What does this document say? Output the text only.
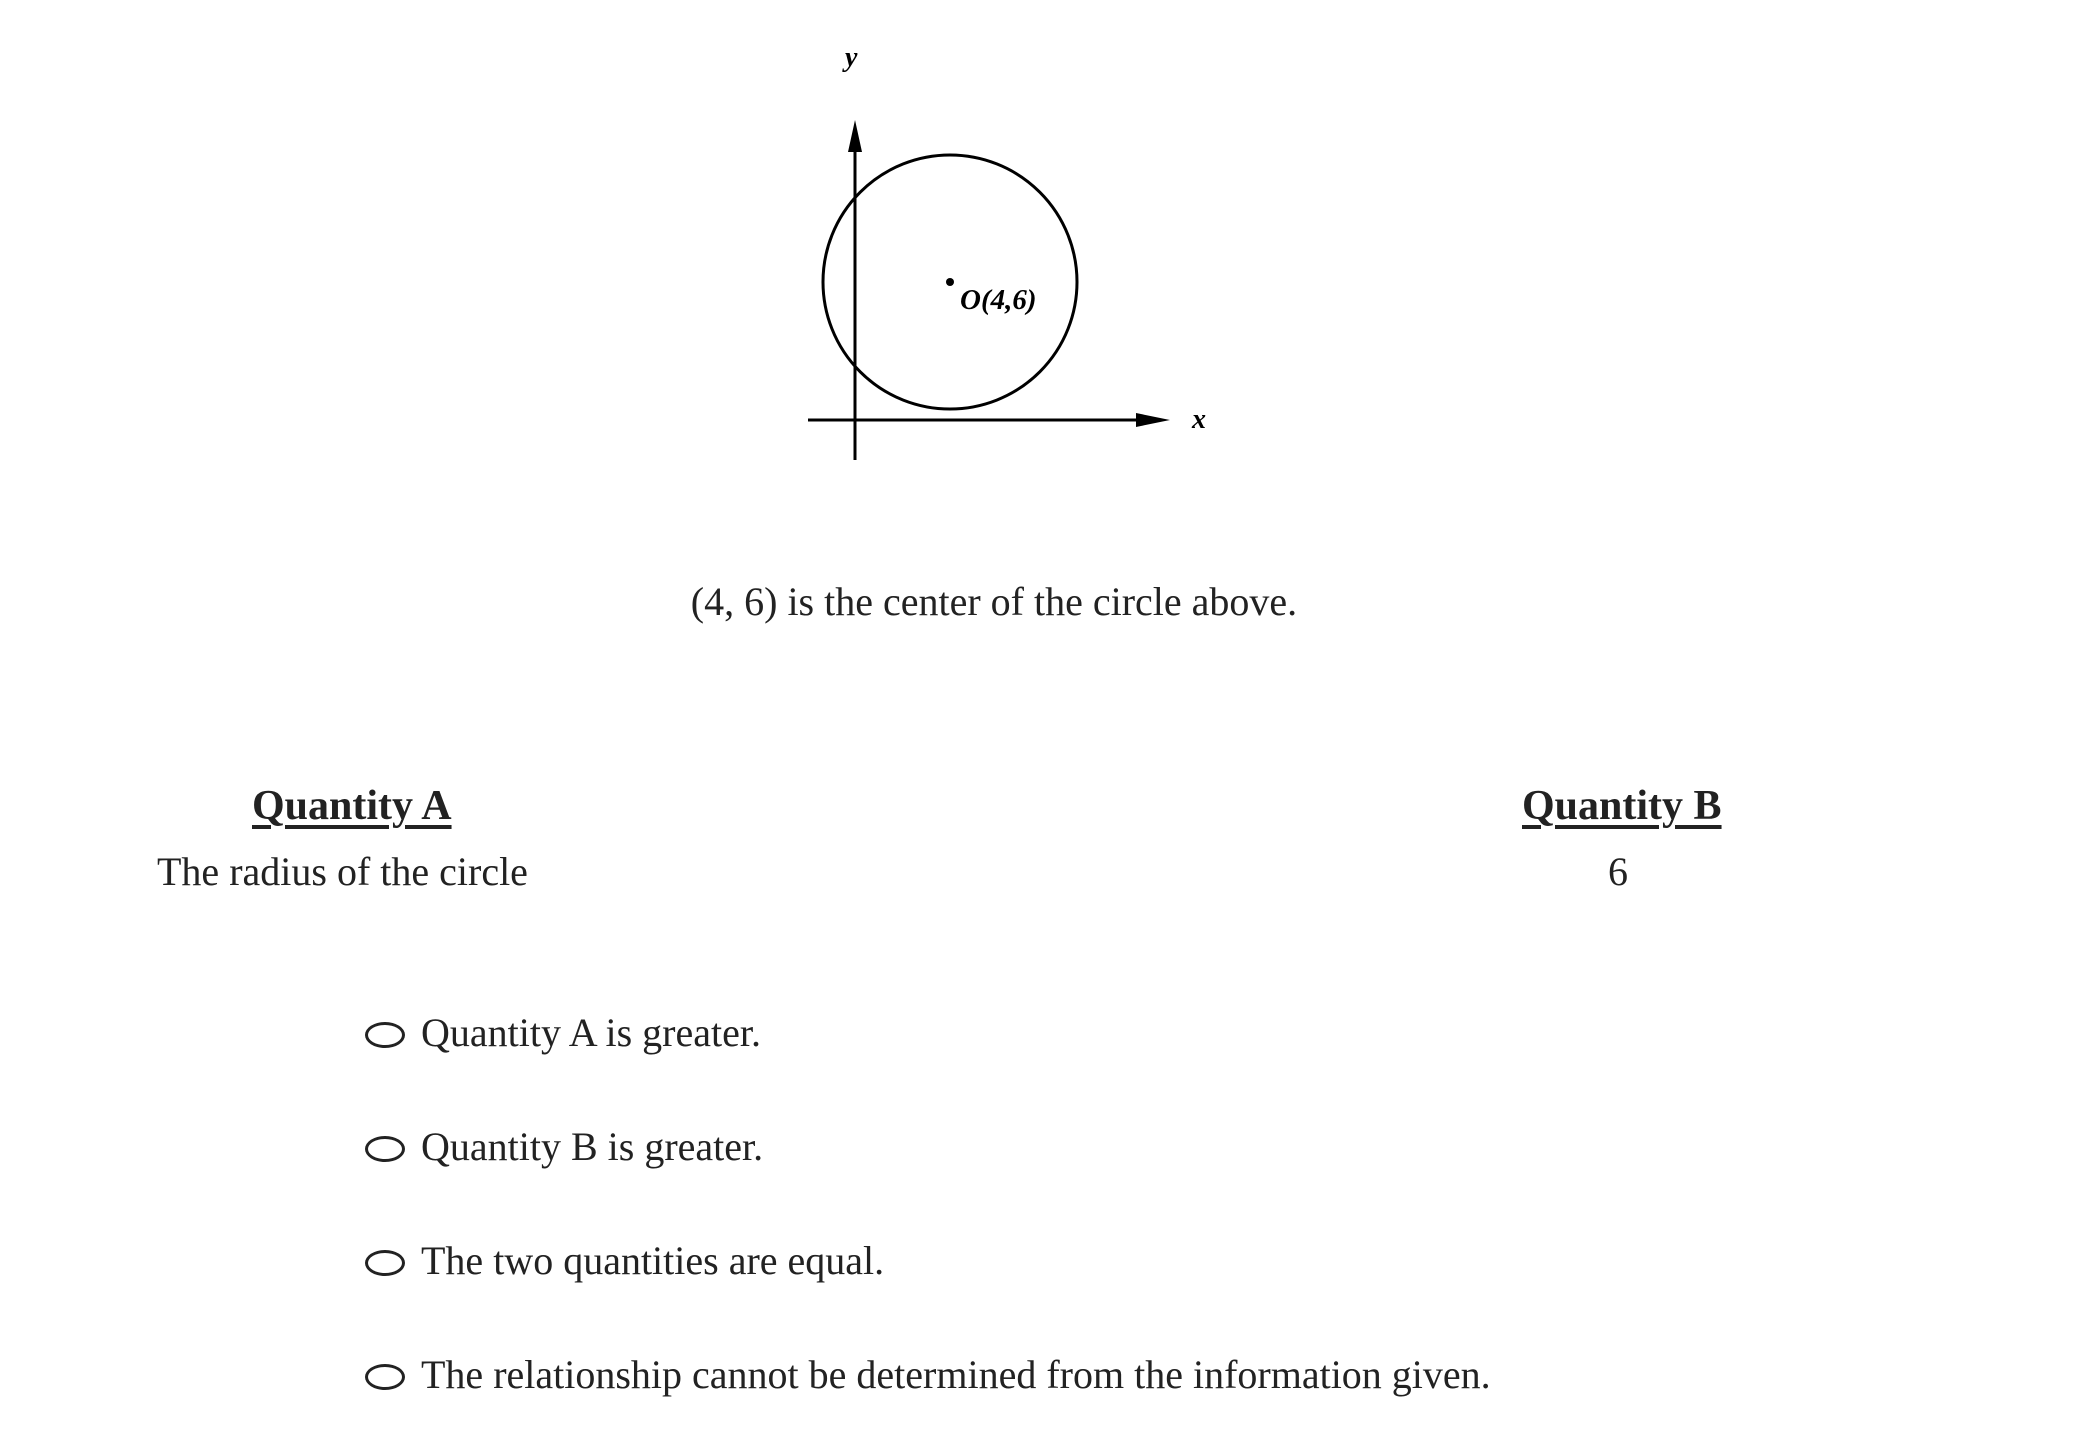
O(4,6)
y
x

(4, 6) is the center of the circle above.

Quantity A	Quantity B

The radius of the circle	6

Quantity A is greater.
Quantity B is greater.
The two quantities are equal.
The relationship cannot be determined from the information given.
